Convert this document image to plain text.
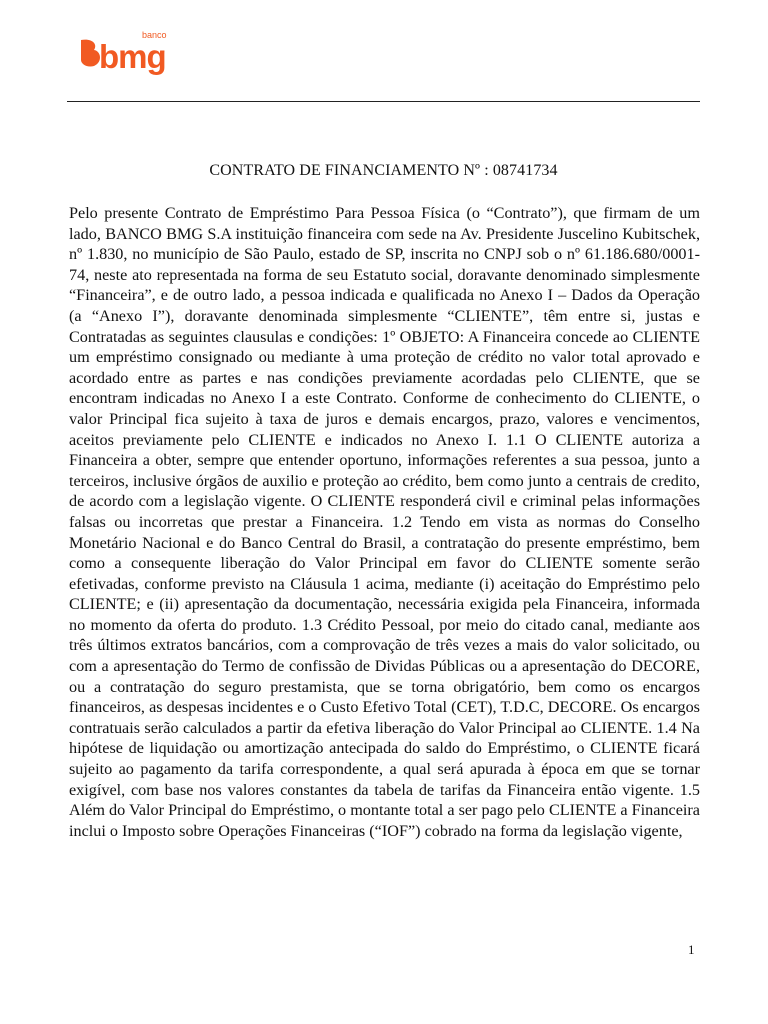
banco
bmg
CONTRATO DE FINANCIAMENTO Nº : 08741734

Pelo presente Contrato de Empréstimo Para Pessoa Física (o “Contrato”), que firmam de um lado, BANCO BMG S.A instituição financeira com sede na Av. Presidente Juscelino Kubitschek, nº 1.830, no município de São Paulo, estado de SP, inscrita no CNPJ sob o nº 61.186.680/0001-74, neste ato representada na forma de seu Estatuto social, doravante denominado simplesmente “Financeira”, e de outro lado, a pessoa indicada e qualificada no Anexo I – Dados da Operação (a “Anexo I”), doravante denominada simplesmente “CLIENTE”, têm entre si, justas e Contratadas as seguintes clausulas e condições: 1º OBJETO: A Financeira concede ao CLIENTE um empréstimo consignado ou mediante à uma proteção de crédito no valor total aprovado e acordado entre as partes e nas condições previamente acordadas pelo CLIENTE, que se encontram indicadas no Anexo I a este Contrato. Conforme de conhecimento do CLIENTE, o valor Principal fica sujeito à taxa de juros e demais encargos, prazo, valores e vencimentos, aceitos previamente pelo CLIENTE e indicados no Anexo I. 1.1 O CLIENTE autoriza a Financeira a obter, sempre que entender oportuno, informações referentes a sua pessoa, junto a terceiros, inclusive órgãos de auxilio e proteção ao crédito, bem como junto a centrais de credito, de acordo com a legislação vigente. O CLIENTE responderá civil e criminal pelas informações falsas ou incorretas que prestar a Financeira. 1.2 Tendo em vista as normas do Conselho Monetário Nacional e do Banco Central do Brasil, a contratação do presente empréstimo, bem como a consequente liberação do Valor Principal em favor do CLIENTE somente serão efetivadas, conforme previsto na Cláusula 1 acima, mediante (i) aceitação do Empréstimo pelo CLIENTE; e (ii) apresentação da documentação, necessária exigida pela Financeira, informada no momento da oferta do produto. 1.3 Crédito Pessoal, por meio do citado canal, mediante aos três últimos extratos bancários, com a comprovação de três vezes a mais do valor solicitado, ou com a apresentação do Termo de confissão de Dividas Públicas ou a apresentação do DECORE, ou a contratação do seguro prestamista, que se torna obrigatório, bem como os encargos financeiros, as despesas incidentes e o Custo Efetivo Total (CET), T.D.C, DECORE. Os encargos contratuais serão calculados a partir da efetiva liberação do Valor Principal ao CLIENTE. 1.4 Na hipótese de liquidação ou amortização antecipada do saldo do Empréstimo, o CLIENTE ficará sujeito ao pagamento da tarifa correspondente, a qual será apurada à época em que se tornar exigível, com base nos valores constantes da tabela de tarifas da Financeira então vigente. 1.5 Além do Valor Principal do Empréstimo, o montante total a ser pago pelo CLIENTE a Financeira inclui o Imposto sobre Operações Financeiras (“IOF”) cobrado na forma da legislação vigente,

1
